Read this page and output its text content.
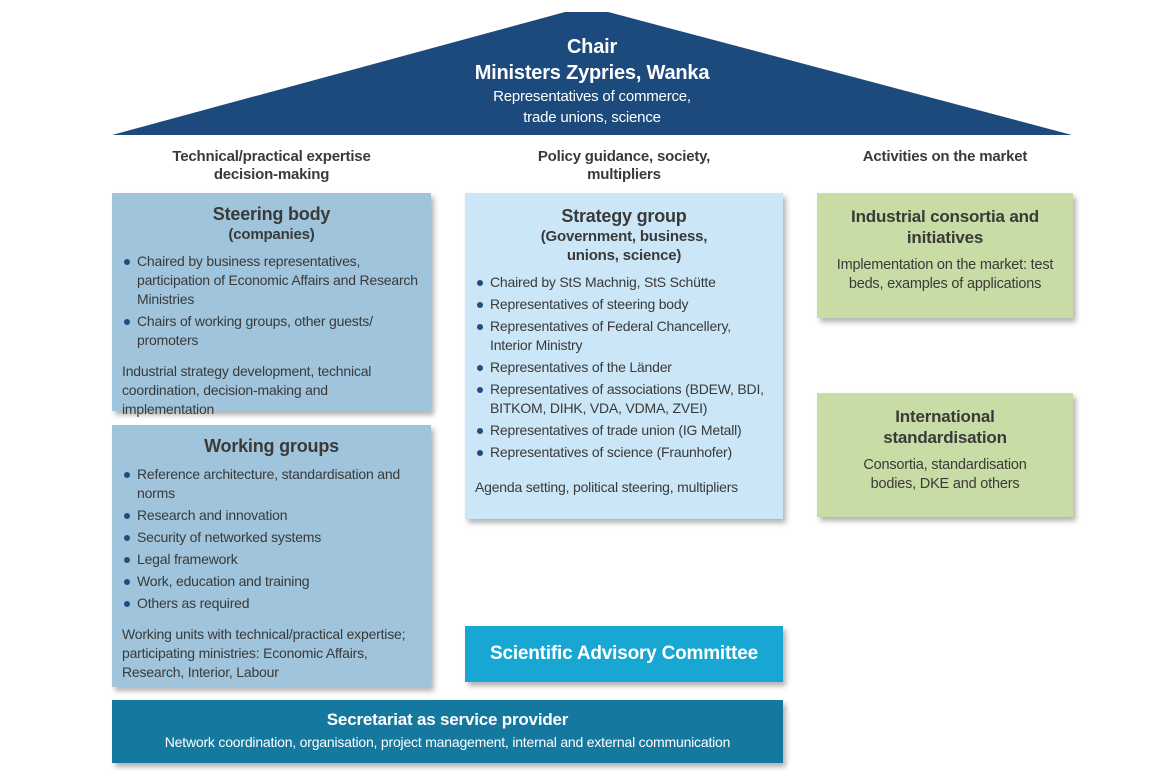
Chair
Ministers Zypries, Wanka
Representatives of commerce,
trade unions, science
Technical/practical expertise
decision-making
Policy guidance, society,
multipliers
Activities on the market
Steering body
(companies)
Chaired by business representatives, participation of Economic Affairs and Research Ministries
Chairs of working groups, other guests/ promoters

Industrial strategy development, technical coordination, decision-making and implementation

Working groups
Reference architecture, standardisation and norms
Research and innovation
Security of networked systems
Legal framework
Work, education and training
Others as required

Working units with technical/practical expertise; participating ministries: Economic Affairs, Research, Interior, Labour

Strategy group
(Government, business, unions, science)
Chaired by StS Machnig, StS Schütte
Representatives of steering body
Representatives of Federal Chancellery, Interior Ministry
Representatives of the Länder
Representatives of associations (BDEW, BDI, BITKOM, DIHK, VDA, VDMA, ZVEI)
Representatives of trade union (IG Metall)
Representatives of science (Fraunhofer)

Agenda setting, political steering, multipliers

Scientific Advisory Committee
Industrial consortia and initiatives
Implementation on the market: test beds, examples of applications
International standardisation
Consortia, standardisation bodies, DKE and others
Secretariat as service provider
Network coordination, organisation, project management, internal and external communication
